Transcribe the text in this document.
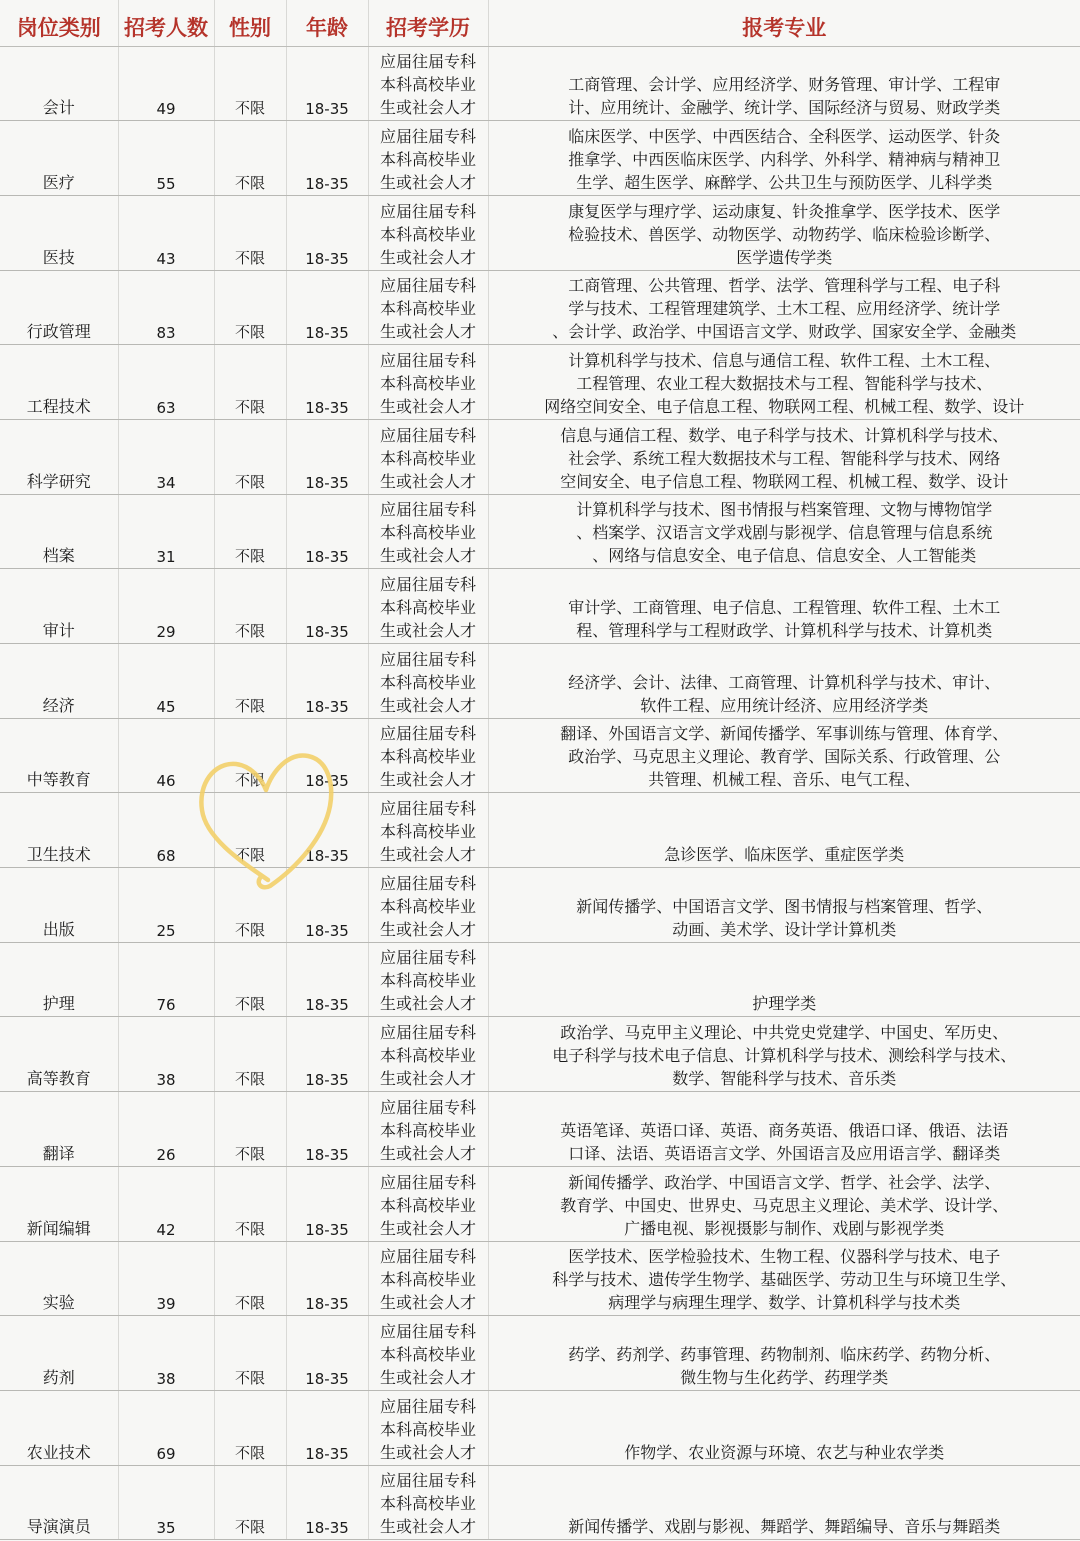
岗位类别	招考人数	性别	年龄	招考学历	报考专业
会计	49	不限	18-35	应届往届专科
本科高校毕业
生或社会人才	工商管理、会计学、应用经济学、财务管理、审计学、工程审
计、应用统计、金融学、统计学、国际经济与贸易、财政学类

医疗	55	不限	18-35	应届往届专科
本科高校毕业
生或社会人才	临床医学、中医学、中西医结合、全科医学、运动医学、针灸
推拿学、中西医临床医学、内科学、外科学、精神病与精神卫
生学、超生医学、麻醉学、公共卫生与预防医学、儿科学类

医技	43	不限	18-35	应届往届专科
本科高校毕业
生或社会人才	康复医学与理疗学、运动康复、针灸推拿学、医学技术、医学
检验技术、兽医学、动物医学、动物药学、临床检验诊断学、
医学遗传学类

行政管理	83	不限	18-35	应届往届专科
本科高校毕业
生或社会人才	工商管理、公共管理、哲学、法学、管理科学与工程、电子科
学与技术、工程管理建筑学、土木工程、应用经济学、统计学
、会计学、政治学、中国语言文学、财政学、国家安全学、金融类

工程技术	63	不限	18-35	应届往届专科
本科高校毕业
生或社会人才	计算机科学与技术、信息与通信工程、软件工程、土木工程、
工程管理、农业工程大数据技术与工程、智能科学与技术、
网络空间安全、电子信息工程、物联网工程、机械工程、数学、设计

科学研究	34	不限	18-35	应届往届专科
本科高校毕业
生或社会人才	信息与通信工程、数学、电子科学与技术、计算机科学与技术、
社会学、系统工程大数据技术与工程、智能科学与技术、网络
空间安全、电子信息工程、物联网工程、机械工程、数学、设计

档案	31	不限	18-35	应届往届专科
本科高校毕业
生或社会人才	计算机科学与技术、图书情报与档案管理、文物与博物馆学
、档案学、汉语言文学戏剧与影视学、信息管理与信息系统
、网络与信息安全、电子信息、信息安全、人工智能类

审计	29	不限	18-35	应届往届专科
本科高校毕业
生或社会人才	审计学、工商管理、电子信息、工程管理、软件工程、土木工
程、管理科学与工程财政学、计算机科学与技术、计算机类

经济	45	不限	18-35	应届往届专科
本科高校毕业
生或社会人才	经济学、会计、法律、工商管理、计算机科学与技术、审计、
软件工程、应用统计经济、应用经济学类

中等教育	46	不限	18-35	应届往届专科
本科高校毕业
生或社会人才	翻译、外国语言文学、新闻传播学、军事训练与管理、体育学、
政治学、马克思主义理论、教育学、国际关系、行政管理、公
共管理、机械工程、音乐、电气工程、

卫生技术	68	不限	18-35	应届往届专科
本科高校毕业
生或社会人才	急诊医学、临床医学、重症医学类

出版	25	不限	18-35	应届往届专科
本科高校毕业
生或社会人才	新闻传播学、中国语言文学、图书情报与档案管理、哲学、
动画、美术学、设计学计算机类

护理	76	不限	18-35	应届往届专科
本科高校毕业
生或社会人才	护理学类

高等教育	38	不限	18-35	应届往届专科
本科高校毕业
生或社会人才	政治学、马克甲主义理论、中共党史党建学、中国史、军历史、
电子科学与技术电子信息、计算机科学与技术、测绘科学与技术、
数学、智能科学与技术、音乐类

翻译	26	不限	18-35	应届往届专科
本科高校毕业
生或社会人才	英语笔译、英语口译、英语、商务英语、俄语口译、俄语、法语
口译、法语、英语语言文学、外国语言及应用语言学、翻译类

新闻编辑	42	不限	18-35	应届往届专科
本科高校毕业
生或社会人才	新闻传播学、政治学、中国语言文学、哲学、社会学、法学、
教育学、中国史、世界史、马克思主义理论、美术学、设计学、
广播电视、影视摄影与制作、戏剧与影视学类

实验	39	不限	18-35	应届往届专科
本科高校毕业
生或社会人才	医学技术、医学检验技术、生物工程、仪器科学与技术、电子
科学与技术、遗传学生物学、基础医学、劳动卫生与环境卫生学、
病理学与病理生理学、数学、计算机科学与技术类

药剂	38	不限	18-35	应届往届专科
本科高校毕业
生或社会人才	药学、药剂学、药事管理、药物制剂、临床药学、药物分析、
微生物与生化药学、药理学类

农业技术	69	不限	18-35	应届往届专科
本科高校毕业
生或社会人才	作物学、农业资源与环境、农艺与种业农学类

导演演员	35	不限	18-35	应届往届专科
本科高校毕业
生或社会人才	新闻传播学、戏剧与影视、舞蹈学、舞蹈编导、音乐与舞蹈类
